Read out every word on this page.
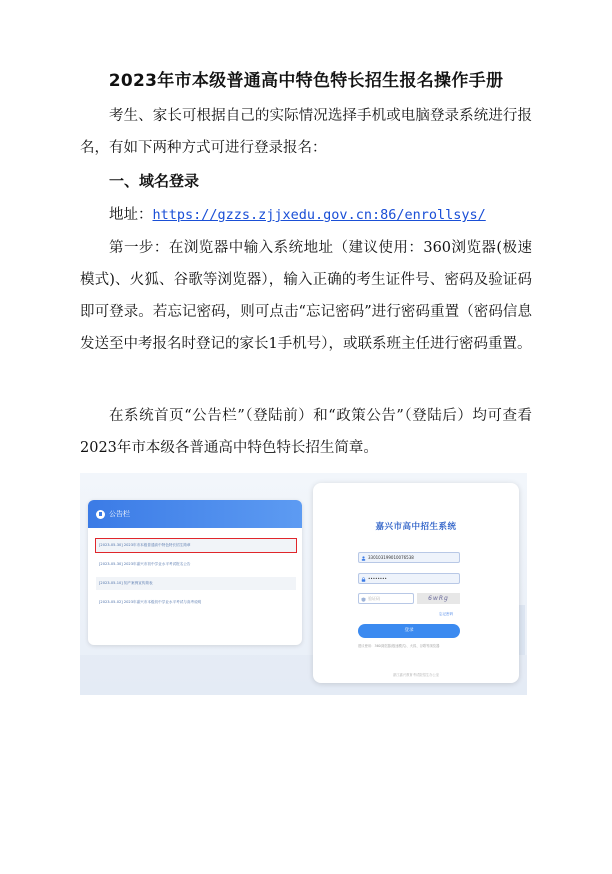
2023年市本级普通高中特色特长招生报名操作手册

考生、家长可根据自己的实际情况选择手机或电脑登录系统进行报名，有如下两种方式可进行登录报名：

一、域名登录
地址：https://gzzs.zjjxedu.gov.cn:86/enrollsys/

第一步：在浏览器中输入系统地址（建议使用：360浏览器(极速模式)、火狐、谷歌等浏览器），输入正确的考生证件号、密码及验证码即可登录。若忘记密码，则可点击“忘记密码”进行密码重置（密码信息发送至中考报名时登记的家长1手机号），或联系班主任进行密码重置。

在系统首页“公告栏”（登陆前）和“政策公告”（登陆后）均可查看2023年市本级各普通高中特色特长招生简章。

公告栏
[2023-05-30] 2023年市本级普通高中特色特长招生简章
[2023-05-30] 2023年嘉兴市初中学业水平考试报名公告
[2023-05-10] 知产案例宣传简表
[2023-05-02] 2023年嘉兴市本级初中学业水平考试与高考说明
嘉兴市高中招生系统
330103199010076538
••••••••
验证码	6wRg
忘记密码
登录
建议使用：360浏览器(极速模式)、火狐、谷歌等浏览器
浙江嘉兴教育考试院招生办公室
